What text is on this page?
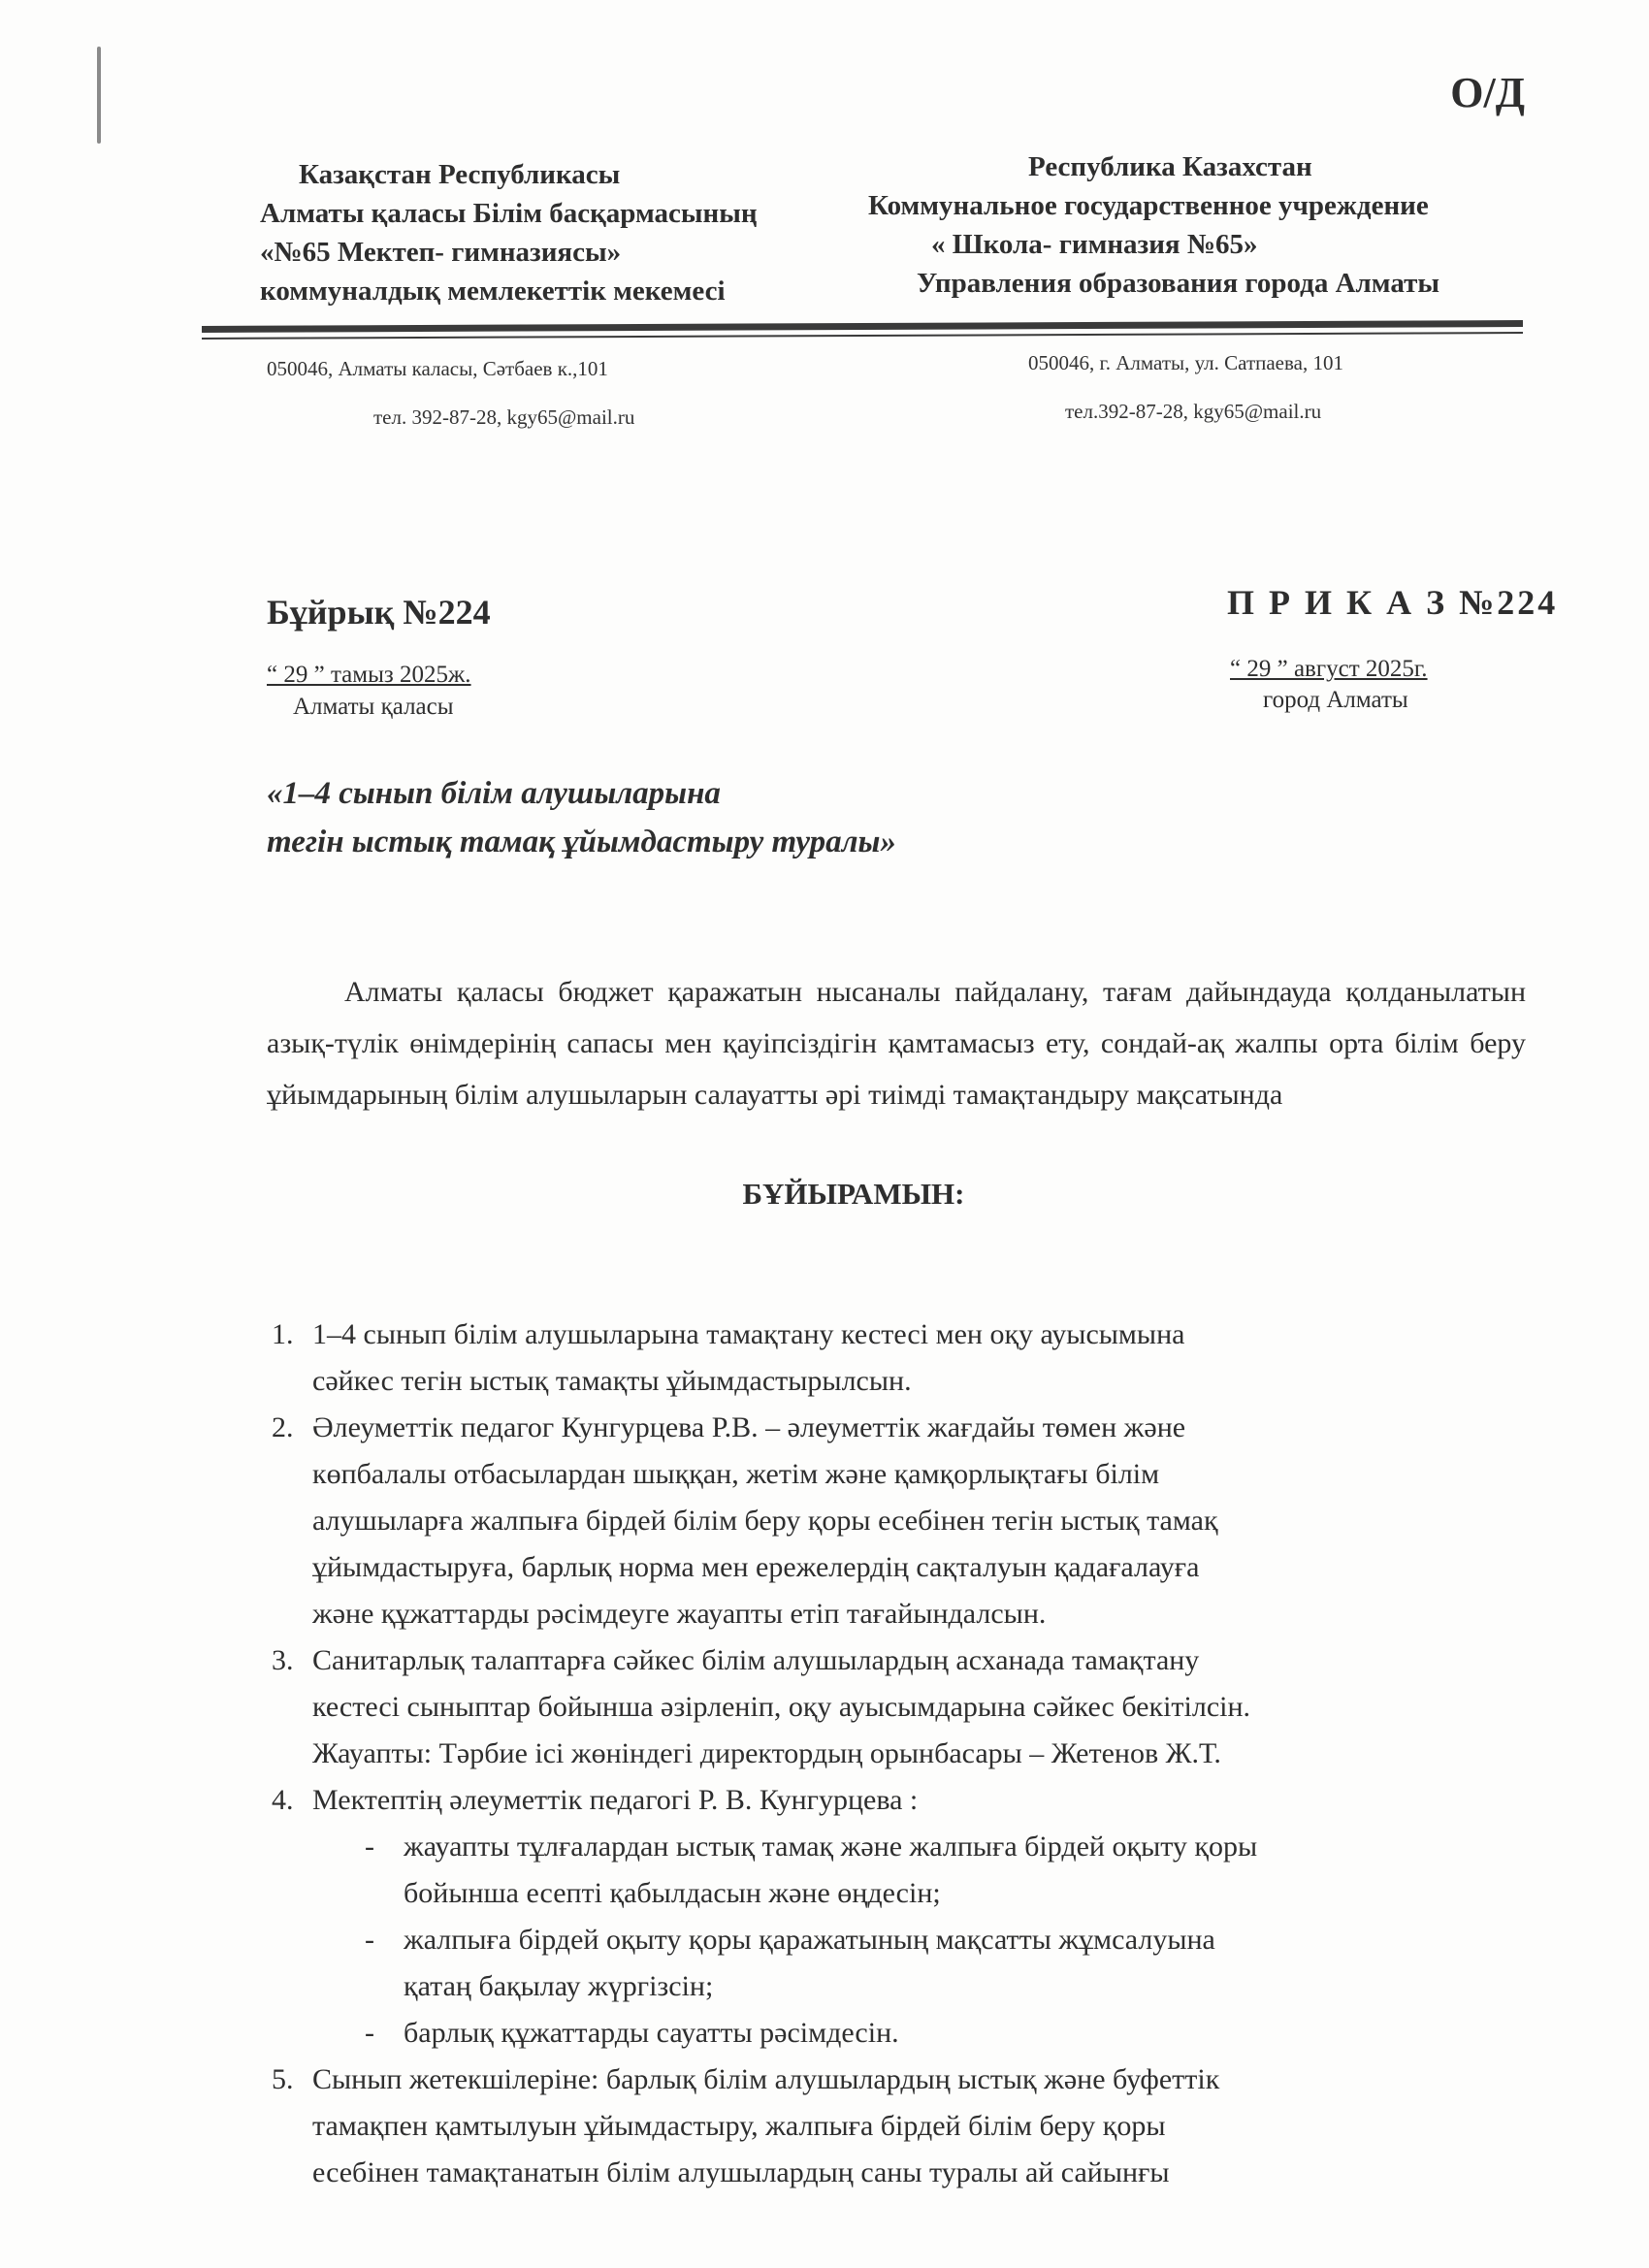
О/Д
Казақстан Республикасы
Алматы қаласы Білім басқармасының
«№65 Мектеп- гимназиясы»
коммуналдық мемлекеттік мекемесі
Республика Казахстан
Коммунальное государственное учреждение
« Школа- гимназия №65»
Управления образования города Алматы
050046, Алматы каласы, Сәтбаев к.,101
тел. 392-87-28, kgy65@mail.ru
050046, г. Алматы, ул. Сатпаева, 101
тел.392-87-28, kgy65@mail.ru
Бұйрық №224
“ 29 ” тамыз 2025ж.
Алматы қаласы
П Р И К А З №224
“ 29 ” август 2025г.
город Алматы
«1–4 сынып білім алушыларына
тегін ыстық тамақ ұйымдастыру туралы»
Алматы қаласы бюджет қаражатын нысаналы пайдалану, тағам дайындауда қолданылатын азық-түлік өнімдерінің сапасы мен қауіпсіздігін қамтамасыз ету, сондай-ақ жалпы орта білім беру ұйымдарының білім алушыларын салауатты әрі тиімді тамақтандыру мақсатында
БҰЙЫРАМЫН:
1. 1–4 сынып білім алушыларына тамақтану кестесі мен оқу ауысымына
сәйкес тегін ыстық тамақты ұйымдастырылсын.
2. Әлеуметтік педагог Кунгурцева Р.В. – әлеуметтік жағдайы төмен және
көпбалалы отбасылардан шыққан, жетім және қамқорлықтағы білім
алушыларға жалпыға бірдей білім беру қоры есебінен тегін ыстық тамақ
ұйымдастыруға, барлық норма мен ережелердің сақталуын қадағалауға
және құжаттарды рәсімдеуге жауапты етіп тағайындалсын.
3. Санитарлық талаптарға сәйкес білім алушылардың асханада тамақтану
кестесі сыныптар бойынша әзірленіп, оқу ауысымдарына сәйкес бекітілсін.
Жауапты: Тәрбие ісі жөніндегі директордың орынбасары – Жетенов Ж.Т.
4. Мектептің әлеуметтік педагогі Р. В. Кунгурцева :
- жауапты тұлғалардан ыстық тамақ және жалпыға бірдей оқыту қоры
бойынша есепті қабылдасын және өңдесін;
- жалпыға бірдей оқыту қоры қаражатының мақсатты жұмсалуына
қатаң бақылау жүргізсін;
- барлық құжаттарды сауатты рәсімдесін.
5. Сынып жетекшілеріне: барлық білім алушылардың ыстық және буфеттік
тамақпен қамтылуын ұйымдастыру, жалпыға бірдей білім беру қоры
есебінен тамақтанатын білім алушылардың саны туралы ай сайынғы
